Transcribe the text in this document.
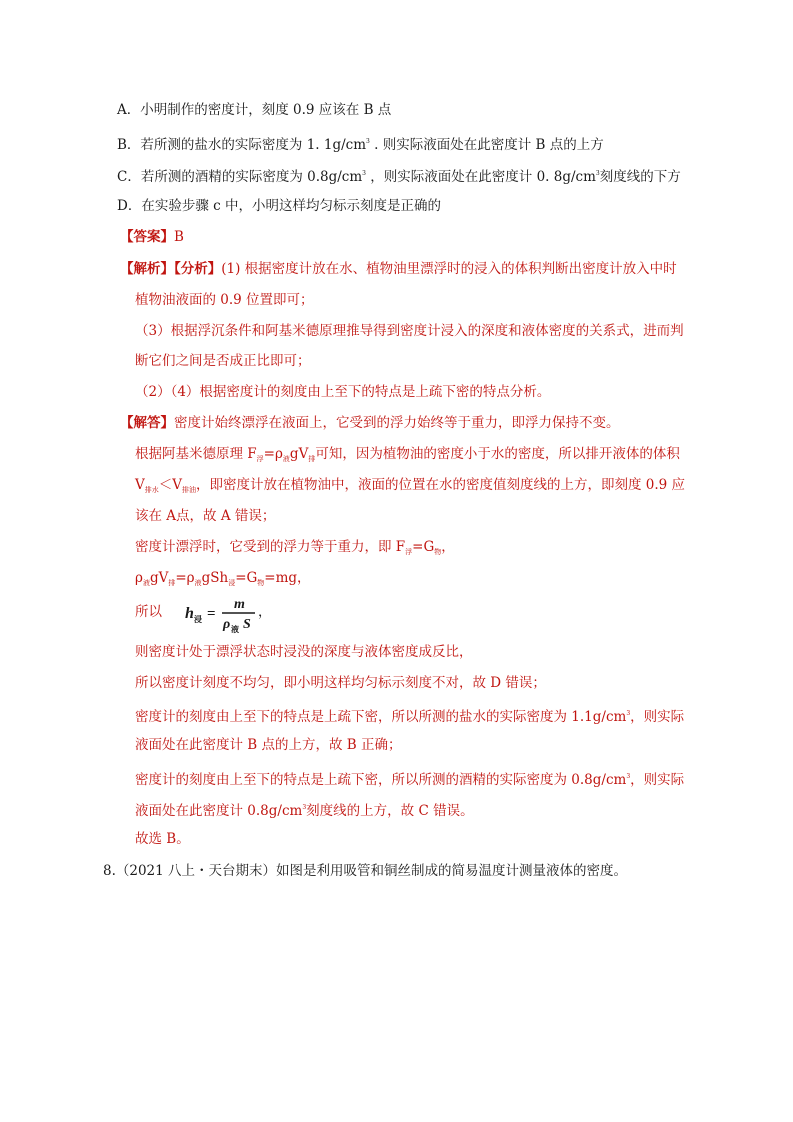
A．小明制作的密度计，刻度 0.9 应该在 B 点
B．若所测的盐水的实际密度为 1. $1g/cm^3$ . 则实际液面处在此密度计 B 点的上方
C．若所测的酒精的实际密度为 $0.8g/cm^3$ ，则实际液面处在此密度计 0. $8g/cm^3$刻度线的下方
D．在实验步骤 c 中，小明这样均匀标示刻度是正确的
【答案】B
【解析】【分析】(1) 根据密度计放在水、植物油里漂浮时的浸入的体积判断出密度计放入中时
植物油液面的 0.9 位置即可；
（3）根据浮沉条件和阿基米德原理推导得到密度计浸入的深度和液体密度的关系式，进而判
断它们之间是否成正比即可；
（2）（4）根据密度计的刻度由上至下的特点是上疏下密的特点分析。
【解答】密度计始终漂浮在液面上，它受到的浮力始终等于重力，即浮力保持不变。
根据阿基米德原理 $F_浮=\rho_液gV_排$可知，因为植物油的密度小于水的密度，所以排开液体的体积
$V_{排水}<V_{排油}$，即密度计放在植物油中，液面的位置在水的密度值刻度线的上方，即刻度 0.9 应
该在 A点，故 A 错误；
密度计漂浮时，它受到的浮力等于重力，即 $F_浮=G_物$，
$\rho_液gV_排=\rho_液gSh_浸=G_物=mg$，
所以 h 浸 =
m
ρ 液 S
，
则密度计处于漂浮状态时浸没的深度与液体密度成反比，
所以密度计刻度不均匀，即小明这样均匀标示刻度不对，故 D 错误；
密度计的刻度由上至下的特点是上疏下密，所以所测的盐水的实际密度为 $1.1g/cm^3$，则实际
液面处在此密度计 B 点的上方，故 B 正确；
密度计的刻度由上至下的特点是上疏下密，所以所测的酒精的实际密度为 $0.8g/cm^3$，则实际
液面处在此密度计 $0.8g/cm^3$刻度线的上方，故 C 错误。
故选 B。
8.（2021 八上・天台期末）如图是利用吸管和铜丝制成的简易温度计测量液体的密度。
